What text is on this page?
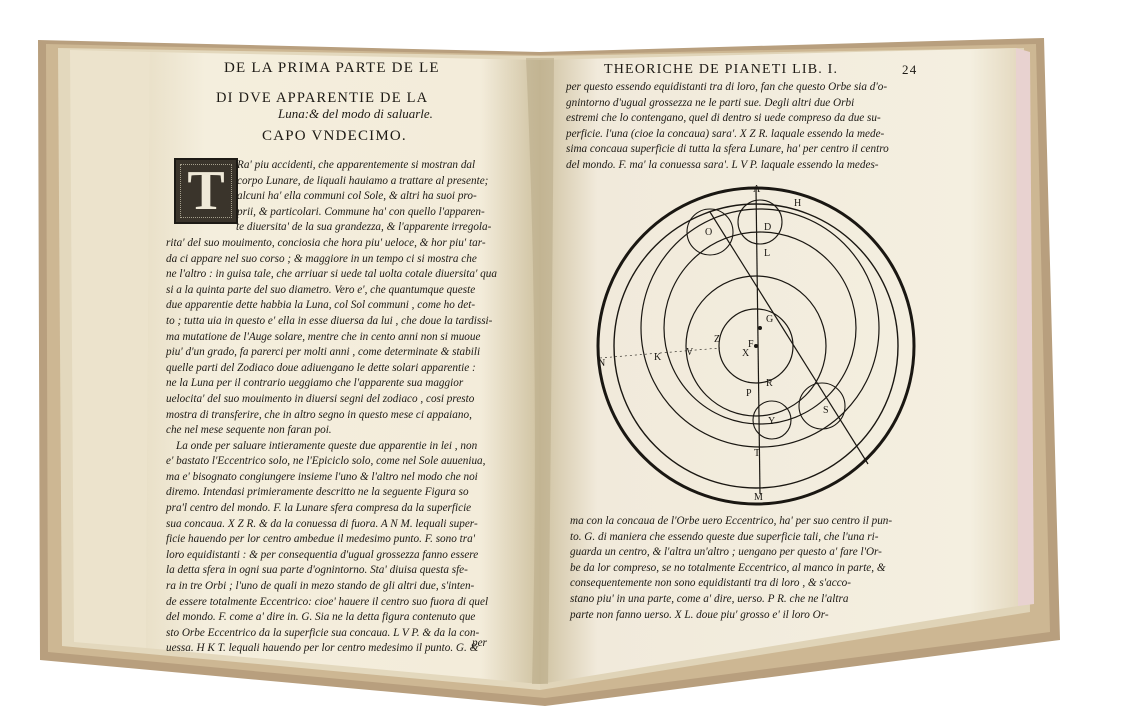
DE LA PRIMA PARTE DE LE
DI DVE APPARENTIE DE LA
Luna:& del modo di saluarle.
CAPO VNDECIMO.
T	Ra' piu accidenti, che apparentemente si mostran dal
corpo Lunare, de liquali hauiamo a trattare al presente;
alcuni ha' ella communi col Sole, & altri ha suoi pro-
prii, & particolari. Commune ha' con quello l'apparen-
te diuersita' de la sua grandezza, & l'apparente irregola-
rita' del suo mouimento, conciosia che hora piu' ueloce, & hor piu' tar-
da ci appare nel suo corso ; & maggiore in un tempo ci si mostra che
ne l'altro : in guisa tale, che arriuar si uede tal uolta cotale diuersita' qua
si a la quinta parte del suo diametro. Vero e', che quantumque queste
due apparentie dette habbia la Luna, col Sol communi , come ho det-
to ; tutta uia in questo e' ella in esse diuersa da lui , che doue la tardissi-
ma mutatione de l'Auge solare, mentre che in cento anni non si muoue
piu' d'un grado, fa parerci per molti anni , come determinate & stabili
quelle parti del Zodiaco doue adiuengano le dette solari apparentie :
ne la Luna per il contrario ueggiamo che l'apparente sua maggior
uelocita' del suo mouimento in diuersi segni del zodiaco , cosi presto
mostra di transferire, che in altro segno in questo mese ci appaiano,
che nel mese sequente non faran poi.
La onde per saluare intieramente queste due apparentie in lei , non
e' bastato l'Eccentrico solo, ne l'Epiciclo solo, come nel Sole auueniua,
ma e' bisognato congiungere insieme l'uno & l'altro nel modo che noi
diremo. Intendasi primieramente descritto ne la seguente Figura so
pra'l centro del mondo. F. la Lunare sfera compresa da la superficie
sua concaua. X Z R. & da la conuessa di fuora. A N M. lequali super-
ficie hauendo per lor centro ambedue il medesimo punto. F. sono tra'
loro equidistanti : & per consequentia d'ugual grossezza fanno essere
la detta sfera in ogni sua parte d'ognintorno. Sta' diuisa questa sfe-
ra in tre Orbi ; l'uno de quali in mezo stando de gli altri due, s'inten-
de essere totalmente Eccentrico: cioe' hauere il centro suo fuora di quel
del mondo. F. come a' dire in. G. Sia ne la detta figura contenuto que
sto Orbe Eccentrico da la superficie sua concaua. L V P. & da la con-
uessa. H K T. lequali hauendo per lor centro medesimo il punto. G. &
per
THEORICHE DE PIANETI LIB. I.	24
per questo essendo equidistanti tra di loro, fan che questo Orbe sia d'o-
gnintorno d'ugual grossezza ne le parti sue. Degli altri due Orbi
estremi che lo contengano, quel di dentro si uede compreso da due su-
perficie. l'una (cioe la concaua) sara'. X Z R. laquale essendo la mede-
sima concaua superficie di tutta la sfera Lunare, ha' per centro il centro
del mondo. F. ma' la conuessa sara'. L V P. laquale essendo la medes-
ma con la concaua de l'Orbe uero Eccentrico, ha' per suo centro il pun-
to. G. di maniera che essendo queste due superficie tali, che l'una ri-
guarda un centro, & l'altra un'altro ; uengano per questo a' fare l'Or-
be da lor compreso, se no totalmente Eccentrico, al manco in parte, &
consequentemente non sono equidistanti tra di loro , & s'acco-
stano piu' in una parte, come a' dire, uerso. P R. che ne l'altra
parte non fanno uerso. X L. doue piu' grosso e' il loro Or-
A
H
O	D
L
G
Z	F
V
K
N
X
R
P
Y
S
T
M
